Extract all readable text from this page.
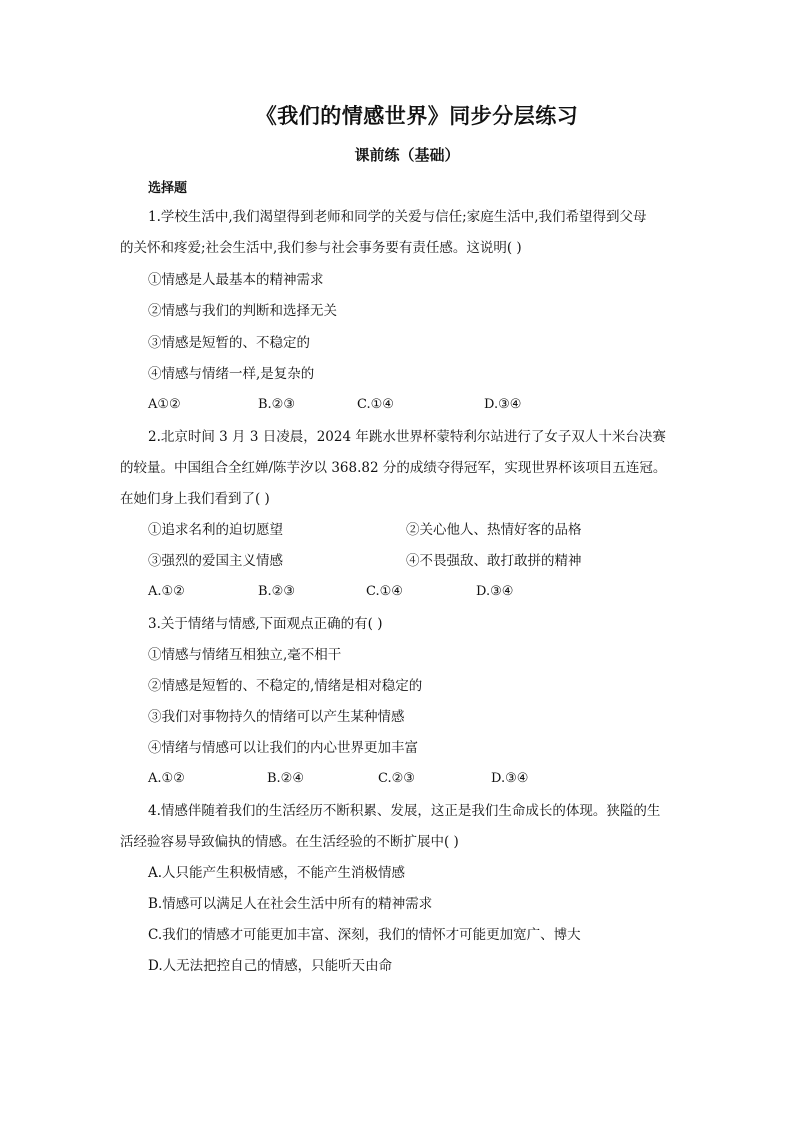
《我们的情感世界》同步分层练习
课前练（基础）
选择题
1.学校生活中,我们渴望得到老师和同学的关爱与信任;家庭生活中,我们希望得到父母
的关怀和疼爱;社会生活中,我们参与社会事务要有责任感。这说明( )
①情感是人最基本的精神需求
②情感与我们的判断和选择无关
③情感是短暂的、不稳定的
④情感与情绪一样,是复杂的
A①②	B.②③	C.①④	D.③④
2.北京时间 3 月 3 日凌晨，2024 年跳水世界杯蒙特利尔站进行了女子双人十米台决赛
的较量。中国组合全红婵/陈芋汐以 368.82 分的成绩夺得冠军，实现世界杯该项目五连冠。
在她们身上我们看到了( )
①追求名利的迫切愿望	②关心他人、热情好客的品格
③强烈的爱国主义情感	④不畏强敌、敢打敢拼的精神
A.①②	B.②③	C.①④	D.③④
3.关于情绪与情感,下面观点正确的有( )
①情感与情绪互相独立,毫不相干
②情感是短暂的、不稳定的,情绪是相对稳定的
③我们对事物持久的情绪可以产生某种情感
④情绪与情感可以让我们的内心世界更加丰富
A.①②	B.②④	C.②③	D.③④
4.情感伴随着我们的生活经历不断积累、发展，这正是我们生命成长的体现。狭隘的生
活经验容易导致偏执的情感。在生活经验的不断扩展中( )
A.人只能产生积极情感，不能产生消极情感
B.情感可以满足人在社会生活中所有的精神需求
C.我们的情感才可能更加丰富、深刻，我们的情怀才可能更加宽广、博大
D.人无法把控自己的情感，只能听天由命
